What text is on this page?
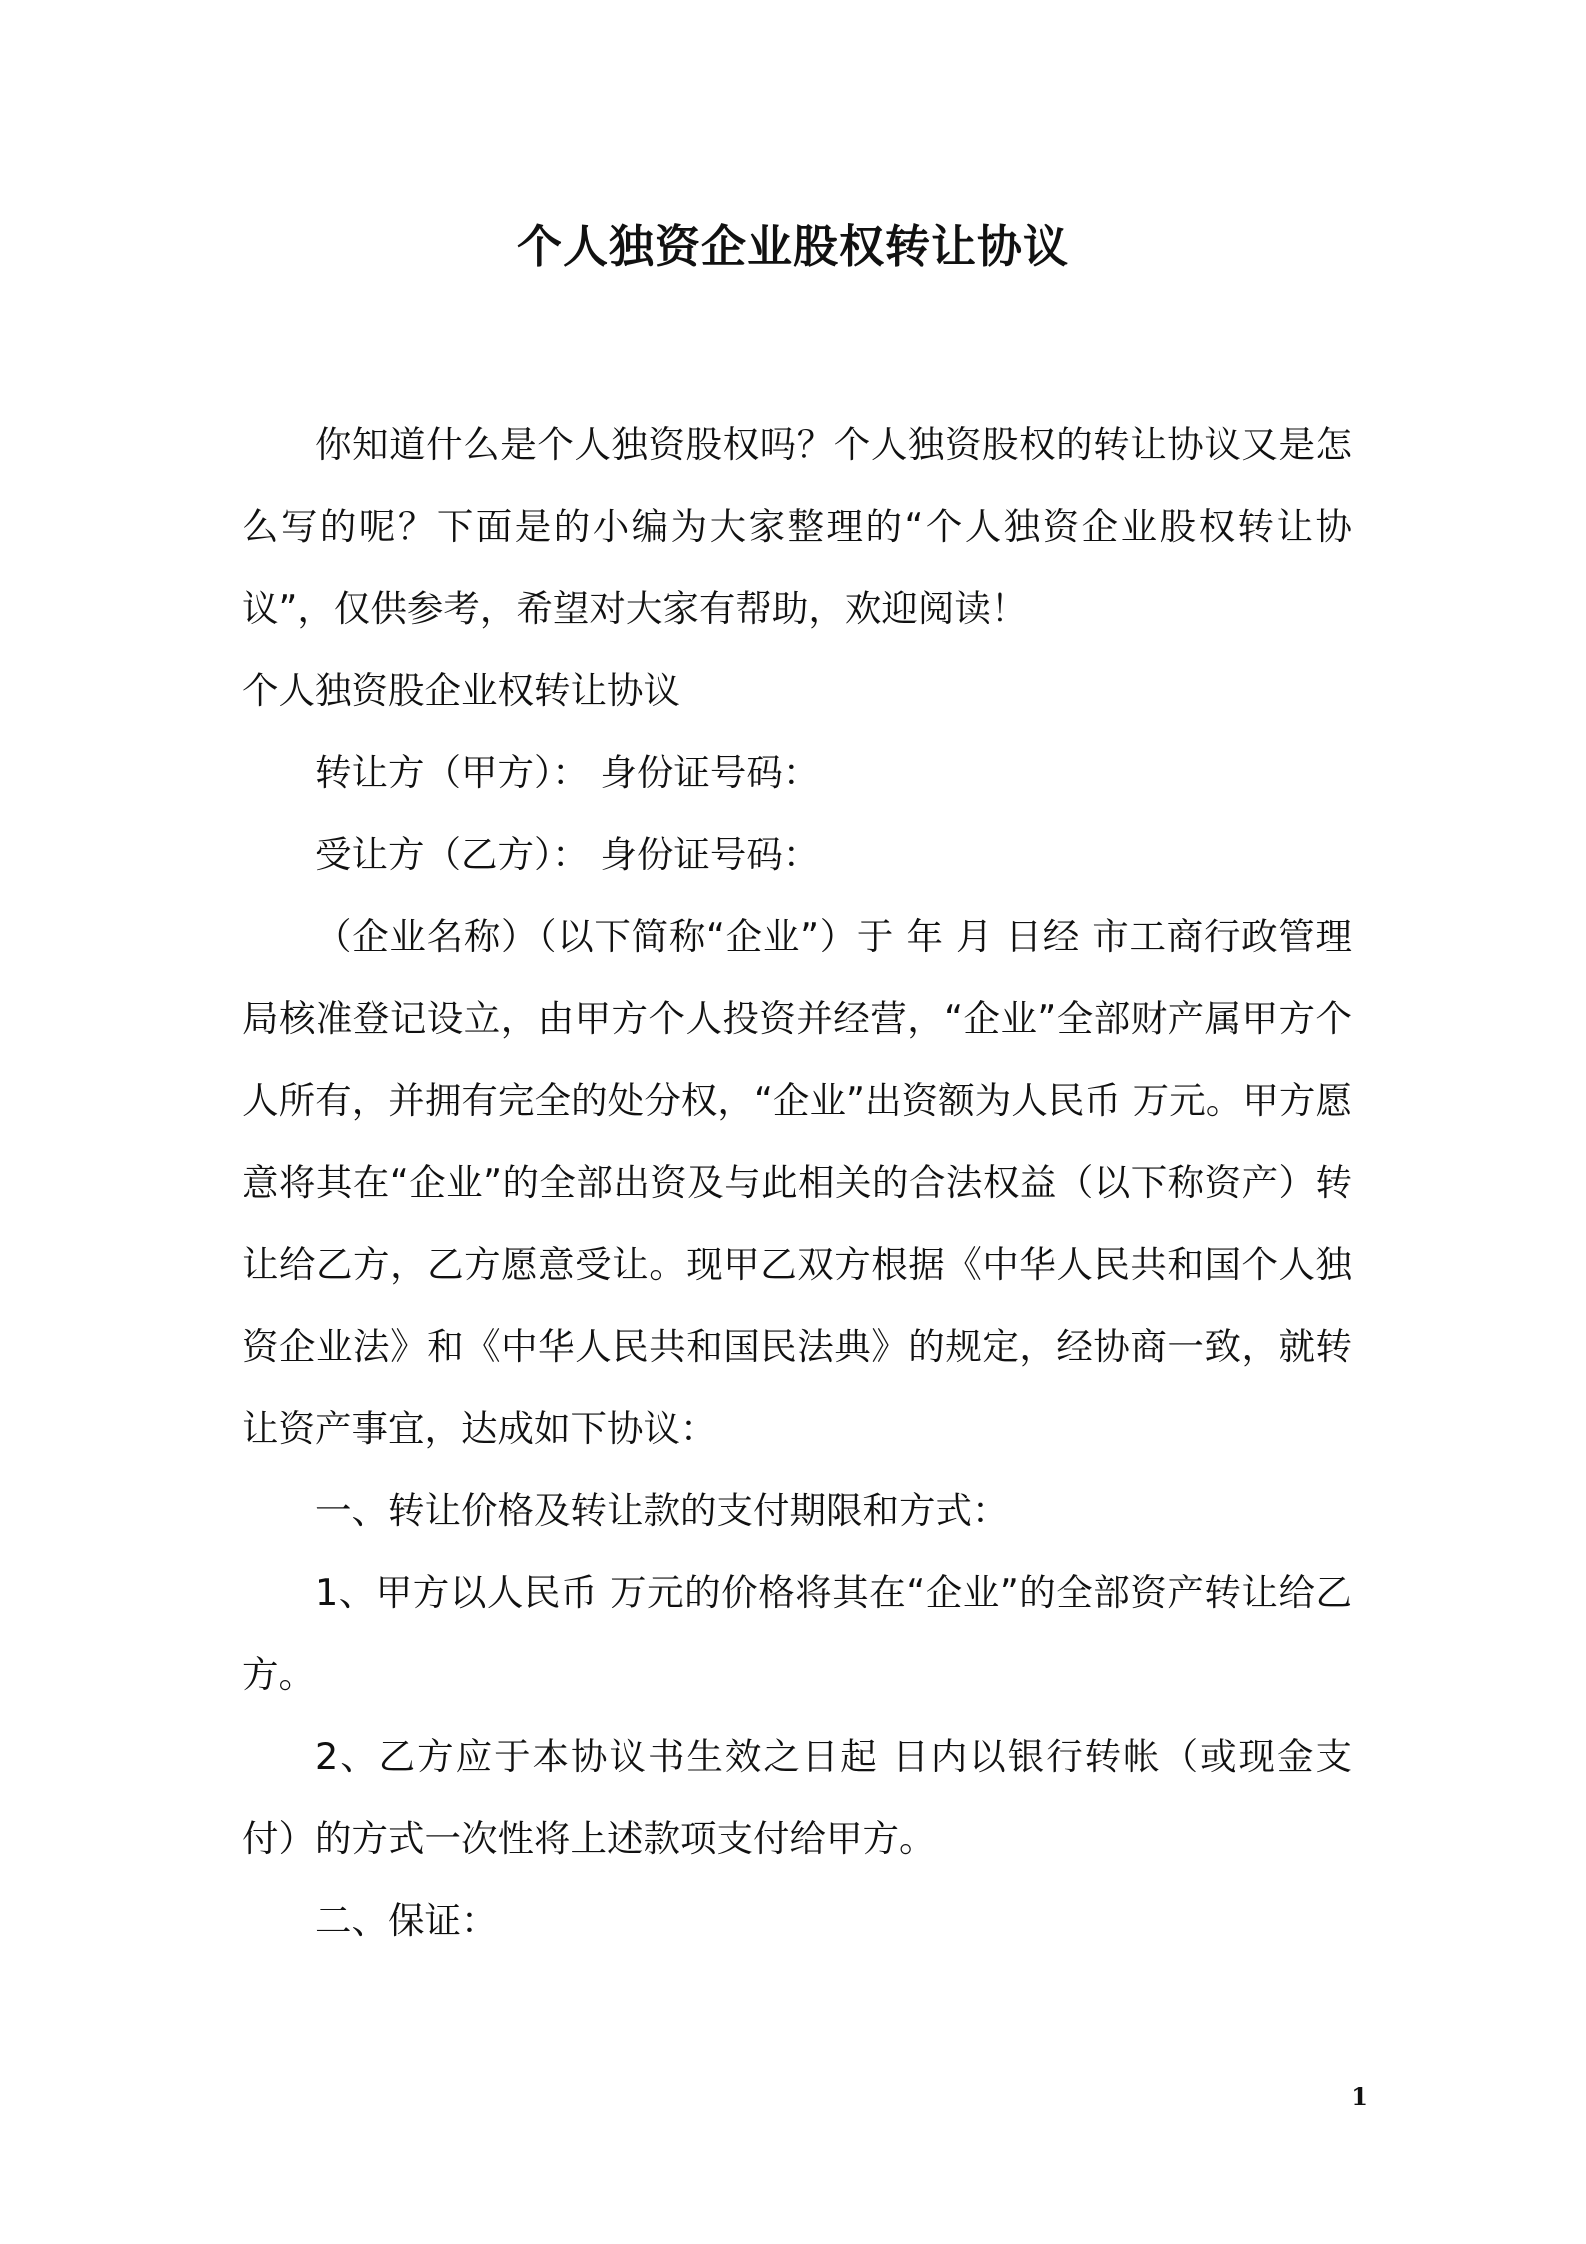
个人独资企业股权转让协议

你知道什么是个人独资股权吗？个人独资股权的转让协议又是怎么写的呢？下面是的小编为大家整理的“个人独资企业股权转让协议”，仅供参考，希望对大家有帮助，欢迎阅读！

个人独资股企业权转让协议

转让方（甲方）： 身份证号码：

受让方（乙方）： 身份证号码：

（企业名称）（以下简称“企业”）于 年 月 日经 市工商行政管理局核准登记设立，由甲方个人投资并经营，“企业”全部财产属甲方个人所有，并拥有完全的处分权，“企业”出资额为人民币 万元。甲方愿意将其在“企业”的全部出资及与此相关的合法权益（以下称资产）转让给乙方，乙方愿意受让。现甲乙双方根据《中华人民共和国个人独资企业法》和《中华人民共和国民法典》的规定，经协商一致，就转让资产事宜，达成如下协议：

一、转让价格及转让款的支付期限和方式：

1、甲方以人民币 万元的价格将其在“企业”的全部资产转让给乙方。

2、乙方应于本协议书生效之日起 日内以银行转帐（或现金支付）的方式一次性将上述款项支付给甲方。

二、保证：

1
